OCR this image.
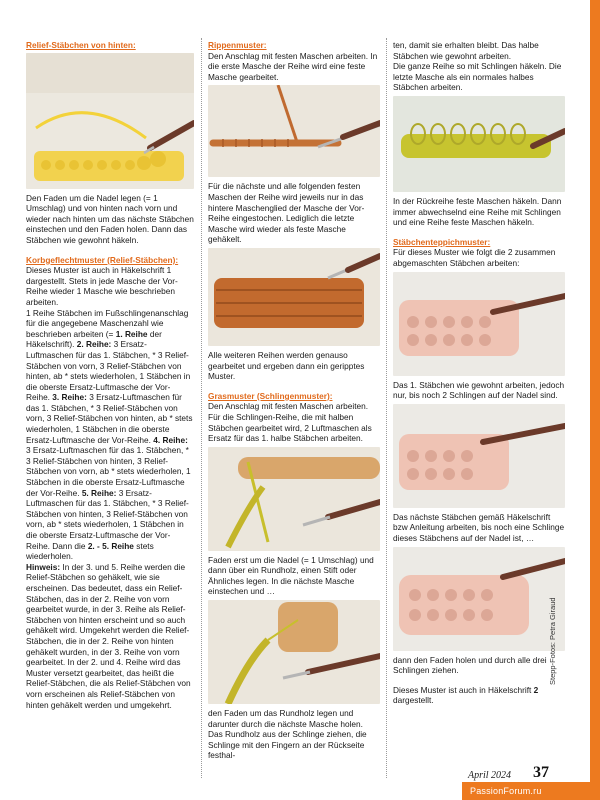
Relief-Stäbchen von hinten:

Den Faden um die Nadel legen (= 1 Umschlag) und von hinten nach vorn und wieder nach hinten um das nächste Stäbchen einstechen und den Faden holen. Dann das Stäbchen wie gewohnt häkeln.

Korbgeflechtmuster (Relief-Stäbchen):

Dieses Muster ist auch in Häkelschrift 1 dargestellt. Stets in jede Masche der Vor-Reihe wieder 1 Masche wie beschrieben arbeiten.

1 Reihe Stäbchen im Fußschlingenanschlag für die angegebene Maschenzahl wie beschrieben arbeiten (= 1. Reihe der Häkelschrift). 2. Reihe: 3 Ersatz-Luftmaschen für das 1. Stäbchen, * 3 Relief-Stäbchen von vorn, 3 Relief-Stäbchen von hinten, ab * stets wiederholen, 1 Stäbchen in die oberste Ersatz-Luftmasche der Vor-Reihe. 3. Reihe: 3 Ersatz-Luftmaschen für das 1. Stäbchen, * 3 Relief-Stäbchen von vorn, 3 Relief-Stäbchen von hinten, ab * stets wiederholen, 1 Stäbchen in die oberste Ersatz-Luftmasche der Vor-Reihe. 4. Reihe: 3 Ersatz-Luftmaschen für das 1. Stäbchen, * 3 Relief-Stäbchen von hinten, 3 Relief-Stäbchen von vorn, ab * stets wiederholen, 1 Stäbchen in die oberste Ersatz-Luftmasche der Vor-Reihe. 5. Reihe: 3 Ersatz-Luftmaschen für das 1. Stäbchen, * 3 Relief-Stäbchen von hinten, 3 Relief-Stäbchen von vorn, ab * stets wiederholen, 1 Stäbchen in die oberste Ersatz-Luftmasche der Vor-Reihe. Dann die 2. - 5. Reihe stets wiederholen.

Hinweis: In der 3. und 5. Reihe werden die Relief-Stäbchen so gehäkelt, wie sie erscheinen. Das bedeutet, dass ein Relief-Stäbchen, das in der 2. Reihe von vorn gearbeitet wurde, in der 3. Reihe als Relief-Stäbchen von hinten erscheint und so auch gehäkelt wird. Umgekehrt werden die Relief-Stäbchen, die in der 2. Reihe von hinten gehäkelt wurden, in der 3. Reihe von vorn gearbeitet. In der 2. und 4. Reihe wird das Muster versetzt gearbeitet, das heißt die Relief-Stäbchen, die als Relief-Stäbchen von vorn erscheinen als Relief-Stäbchen von hinten gehäkelt werden und umgekehrt.

Rippenmuster:

Den Anschlag mit festen Maschen arbeiten. In die erste Masche der Reihe wird eine feste Masche gearbeitet.

Für die nächste und alle folgenden festen Maschen der Reihe wird jeweils nur in das hintere Maschenglied der Masche der Vor-Reihe eingestochen. Lediglich die letzte Masche wird wieder als feste Masche gehäkelt.

Alle weiteren Reihen werden genauso gearbeitet und ergeben dann ein geripptes Muster.

Grasmuster (Schlingenmuster):

Den Anschlag mit festen Maschen arbeiten. Für die Schlingen-Reihe, die mit halben Stäbchen gearbeitet wird, 2 Luftmaschen als Ersatz für das 1. halbe Stäbchen arbeiten.

Faden erst um die Nadel (= 1 Umschlag) und dann über ein Rundholz, einen Stift oder Ähnliches legen. In die nächste Masche einstechen und …

den Faden um das Rundholz legen und darunter durch die nächste Masche holen. Das Rundholz aus der Schlinge ziehen, die Schlinge mit den Fingern an der Rückseite festhal-

ten, damit sie erhalten bleibt. Das halbe Stäbchen wie gewohnt arbeiten.

Die ganze Reihe so mit Schlingen häkeln. Die letzte Masche als ein normales halbes Stäbchen arbeiten.

In der Rückreihe feste Maschen häkeln. Dann immer abwechselnd eine Reihe mit Schlingen und eine Reihe feste Maschen häkeln.

Stäbchenteppichmuster:

Für dieses Muster wie folgt die 2 zusammen abgemaschten Stäbchen arbeiten:

Das 1. Stäbchen wie gewohnt arbeiten, jedoch nur, bis noch 2 Schlingen auf der Nadel sind.

Das nächste Stäbchen gemäß Häkelschrift bzw Anleitung arbeiten, bis noch eine Schlinge dieses Stäbchens auf der Nadel ist, …

dann den Faden holen und durch alle drei Schlingen ziehen.

Dieses Muster ist auch in Häkelschrift 2 dargestellt.

Stepp-Fotos: Petra Giraud
April 2024 37
PassionForum.ru
